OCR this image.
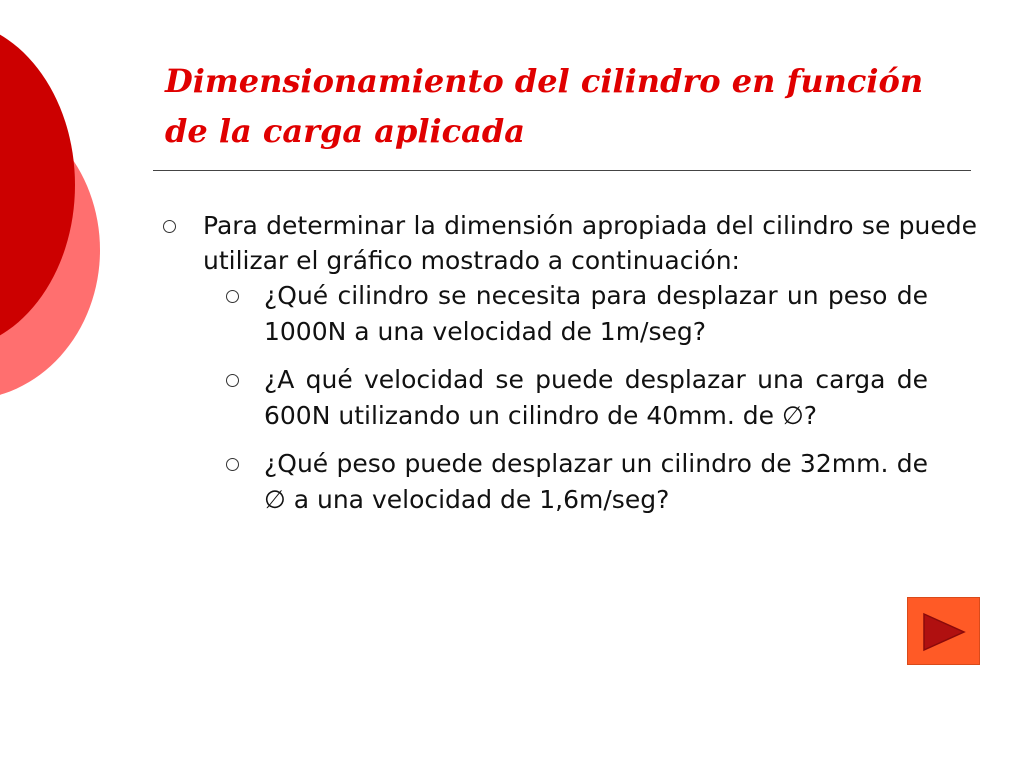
Dimensionamiento del cilindro en función de la carga aplicada

Para determinar la dimensión apropiada del cilindro se puede utilizar el gráfico mostrado a continuación:

¿Qué cilindro se necesita para desplazar un peso de 1000N a una velocidad de 1m/seg?

¿A qué velocidad se puede desplazar una carga de 600N utilizando un cilindro de 40mm. de ∅?

¿Qué peso puede desplazar un cilindro de 32mm. de ∅ a una velocidad de 1,6m/seg?
